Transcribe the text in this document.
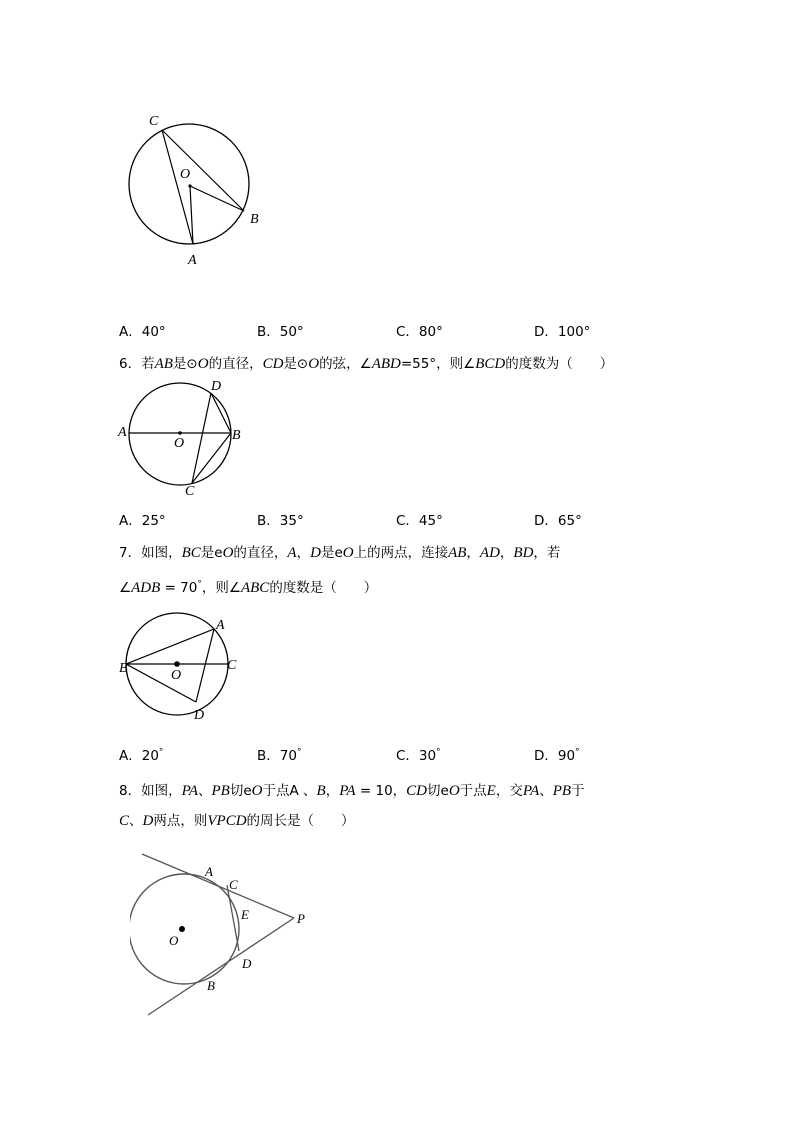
C
O
B
A
A．40°	B．50°	C．80°	D．100°
6．若AB是⊙O的直径，CD是⊙O的弦，∠ABD=55°，则∠BCD的度数为（　　）
D
A
O
B
C
A．25°	B．35°	C．45°	D．65°
7．如图，BC是eO的直径，A，D是eO上的两点，连接AB，AD，BD，若
∠ADB = 70°，则∠ABC的度数是（　　）
A
B	O
C
D
A．20°	B．70°	C．30°	D．90°
8．如图，PA、PB切eO于点A 、B，PA = 10，CD切eO于点E，交PA、PB于
C、D两点，则VPCD的周长是（　　）
A
C
E	P
O
D
B
